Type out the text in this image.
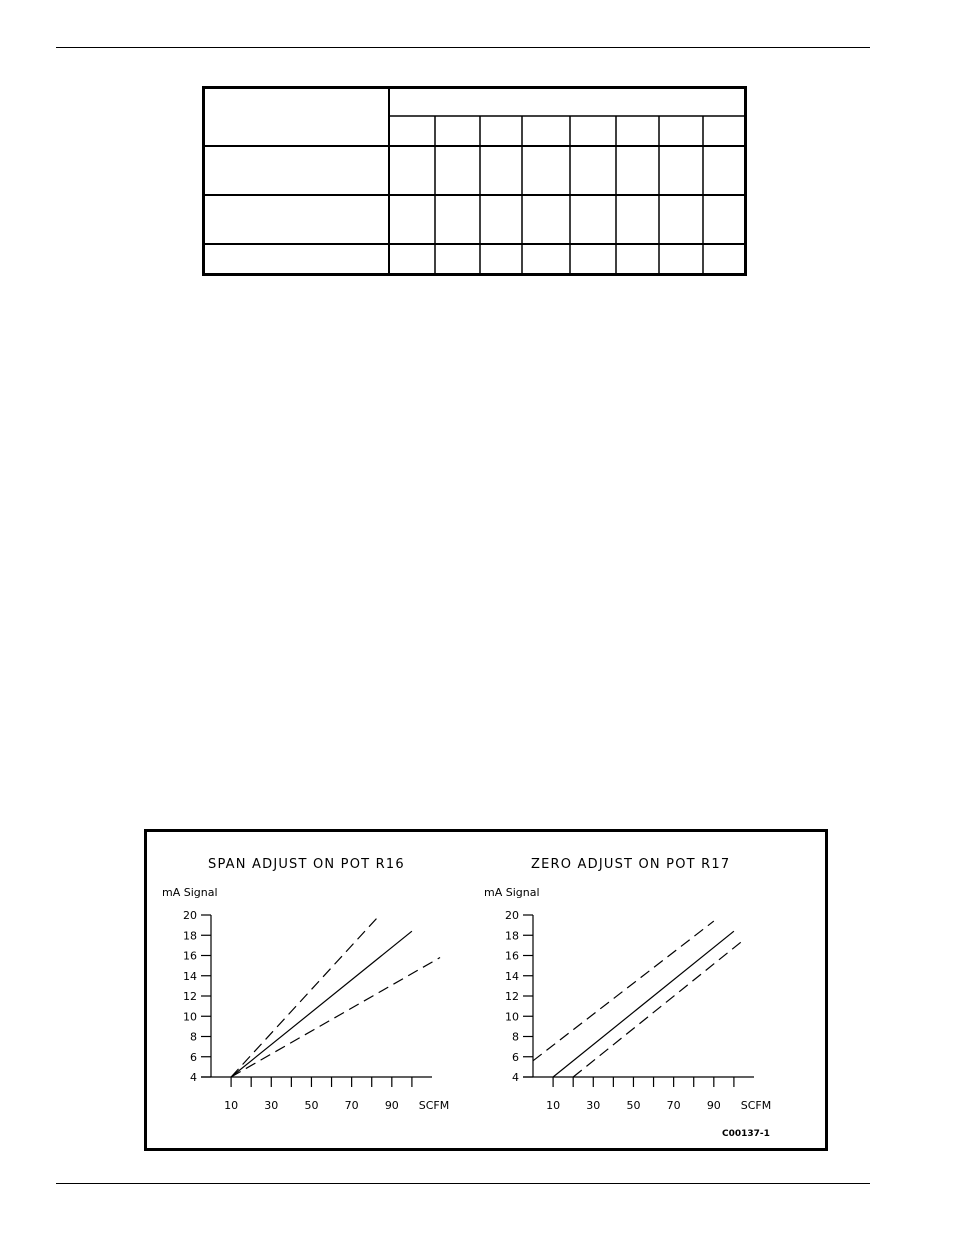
SPAN ADJUST ON POT R16
mA Signal
4
6
8
10
12
14
16
18
20
10 30 50 70 90 SCFM
ZERO ADJUST ON POT R17
mA Signal
4
6
8
10
12
14
16
18
20
10 30 50 70 90 SCFM
C00137-1
